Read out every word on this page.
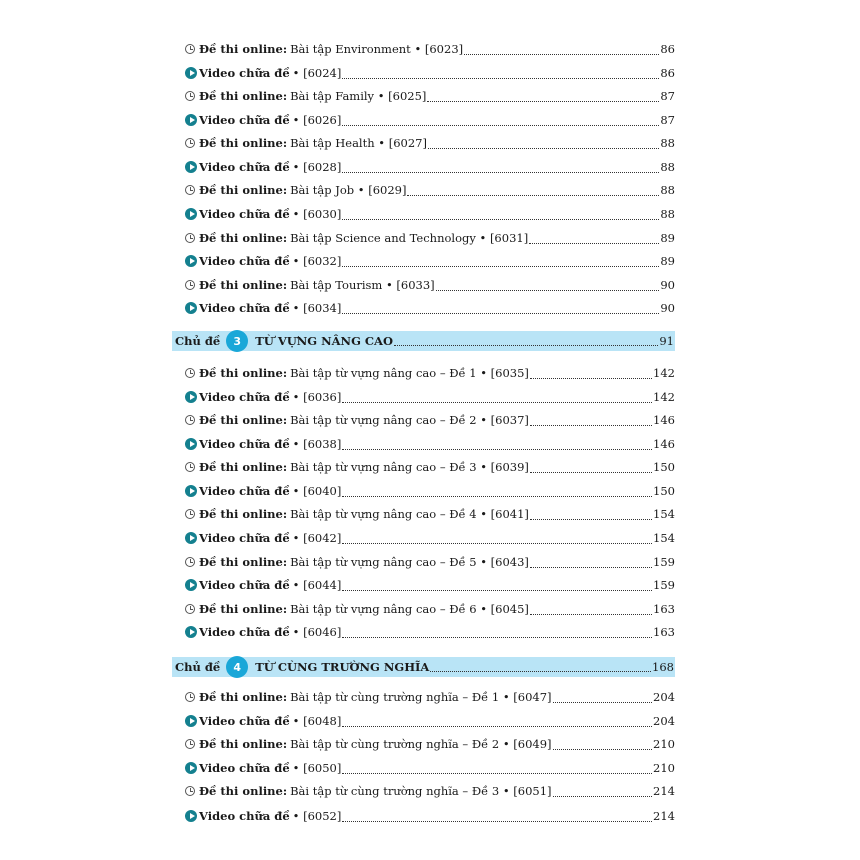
Đề thi online: Bài tập Environment • [6023]	86
Video chữa đề • [6024]	86
Đề thi online: Bài tập Family • [6025]	87
Video chữa đề • [6026]	87
Đề thi online: Bài tập Health • [6027]	88
Video chữa đề • [6028]	88
Đề thi online: Bài tập Job • [6029]	88
Video chữa đề • [6030]	88
Đề thi online: Bài tập Science and Technology • [6031]	89
Video chữa đề • [6032]	89
Đề thi online: Bài tập Tourism • [6033]	90
Video chữa đề • [6034]	90
Chủ đề	3	TỪ VỰNG NÂNG CAO	91
Đề thi online: Bài tập từ vựng nâng cao – Đề 1 • [6035]	142
Video chữa đề • [6036]	142
Đề thi online: Bài tập từ vựng nâng cao – Đề 2 • [6037]	146
Video chữa đề • [6038]	146
Đề thi online: Bài tập từ vựng nâng cao – Đề 3 • [6039]	150
Video chữa đề • [6040]	150
Đề thi online: Bài tập từ vựng nâng cao – Đề 4 • [6041]	154
Video chữa đề • [6042]	154
Đề thi online: Bài tập từ vựng nâng cao – Đề 5 • [6043]	159
Video chữa đề • [6044]	159
Đề thi online: Bài tập từ vựng nâng cao – Đề 6 • [6045]	163
Video chữa đề • [6046]	163
Chủ đề	4	TỪ CÙNG TRƯỜNG NGHĨA	168
Đề thi online: Bài tập từ cùng trường nghĩa – Đề 1 • [6047]	204
Video chữa đề • [6048]	204
Đề thi online: Bài tập từ cùng trường nghĩa – Đề 2 • [6049]	210
Video chữa đề • [6050]	210
Đề thi online: Bài tập từ cùng trường nghĩa – Đề 3 • [6051]	214
Video chữa đề • [6052]	214
